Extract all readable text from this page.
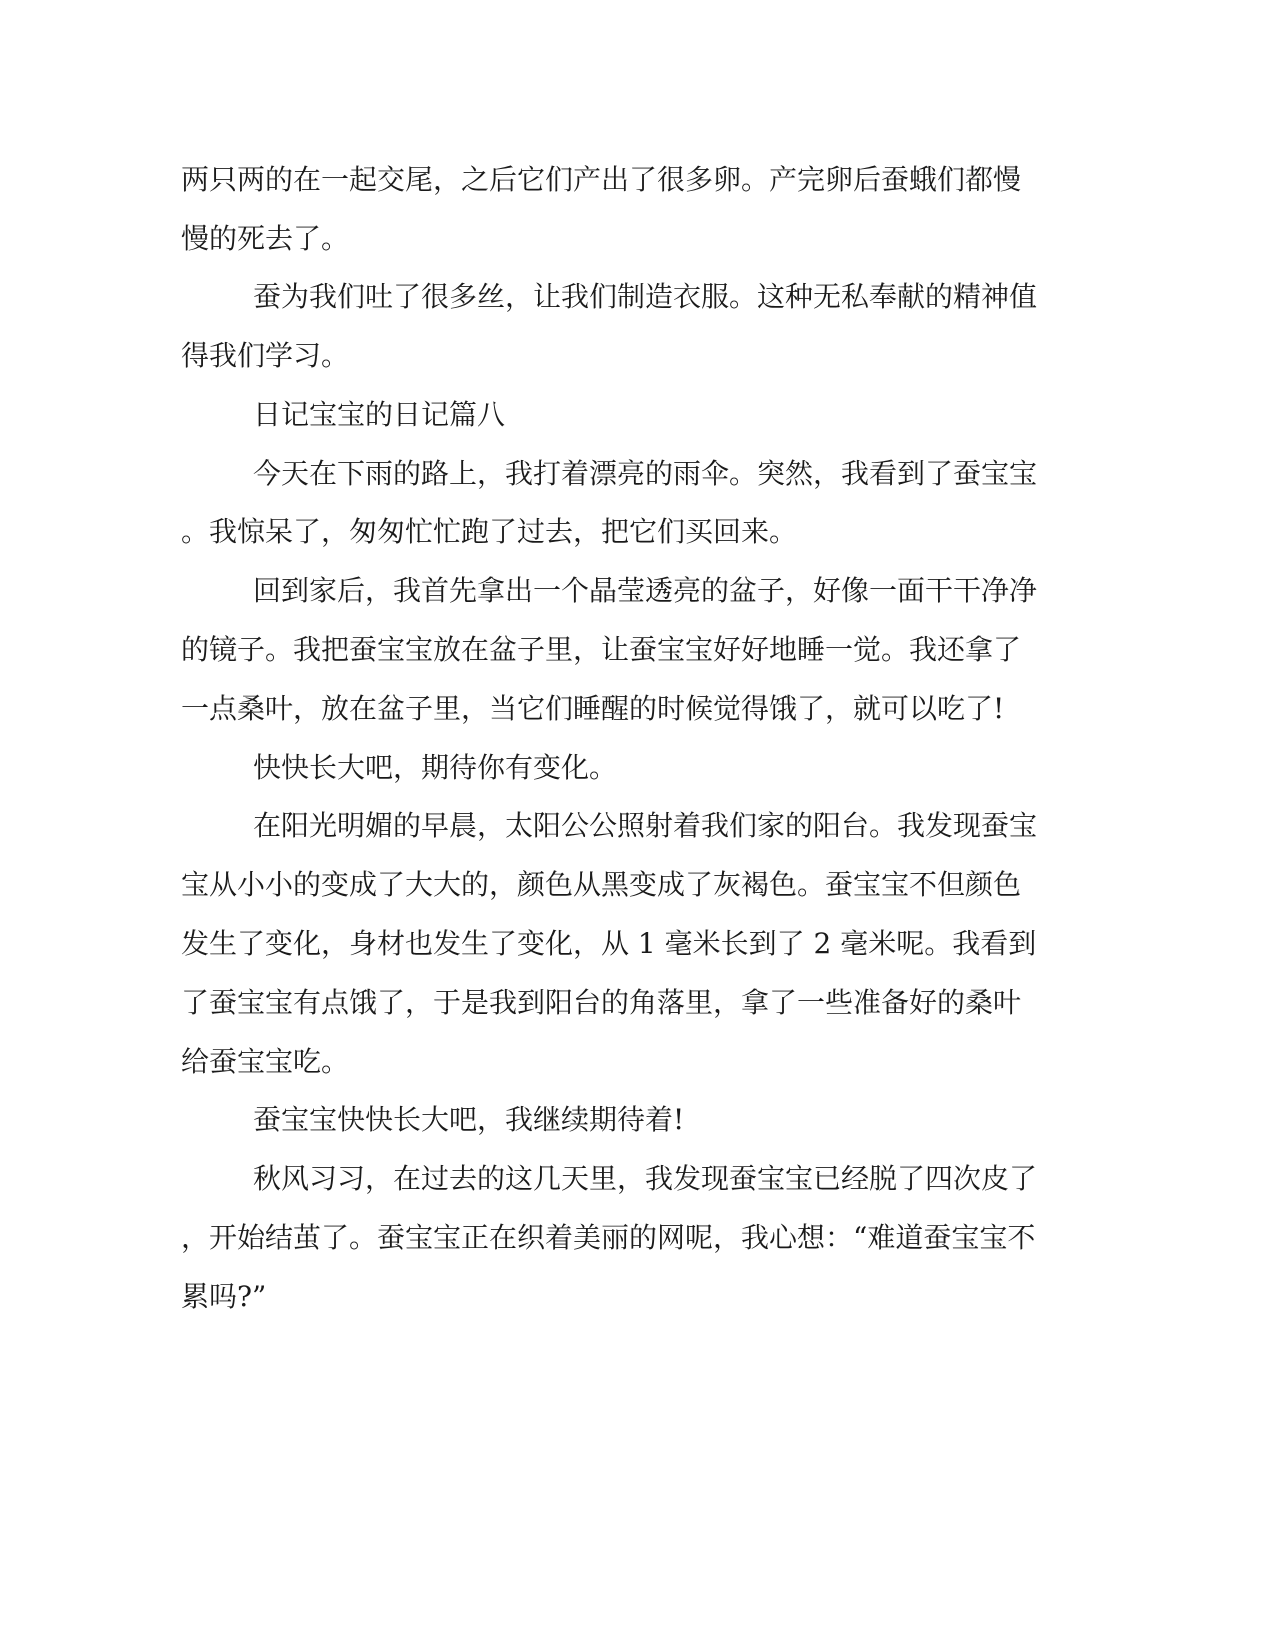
两只两的在一起交尾，之后它们产出了很多卵。产完卵后蚕蛾们都慢

慢的死去了。

蚕为我们吐了很多丝，让我们制造衣服。这种无私奉献的精神值

得我们学习。

日记宝宝的日记篇八

今天在下雨的路上，我打着漂亮的雨伞。突然，我看到了蚕宝宝

。我惊呆了，匆匆忙忙跑了过去，把它们买回来。

回到家后，我首先拿出一个晶莹透亮的盆子，好像一面干干净净

的镜子。我把蚕宝宝放在盆子里，让蚕宝宝好好地睡一觉。我还拿了

一点桑叶，放在盆子里，当它们睡醒的时候觉得饿了，就可以吃了!

快快长大吧，期待你有变化。

在阳光明媚的早晨，太阳公公照射着我们家的阳台。我发现蚕宝

宝从小小的变成了大大的，颜色从黑变成了灰褐色。蚕宝宝不但颜色

发生了变化，身材也发生了变化，从 1 毫米长到了 2 毫米呢。我看到

了蚕宝宝有点饿了，于是我到阳台的角落里，拿了一些准备好的桑叶

给蚕宝宝吃。

蚕宝宝快快长大吧，我继续期待着!

秋风习习，在过去的这几天里，我发现蚕宝宝已经脱了四次皮了

，开始结茧了。蚕宝宝正在织着美丽的网呢，我心想：“难道蚕宝宝不

累吗?”
